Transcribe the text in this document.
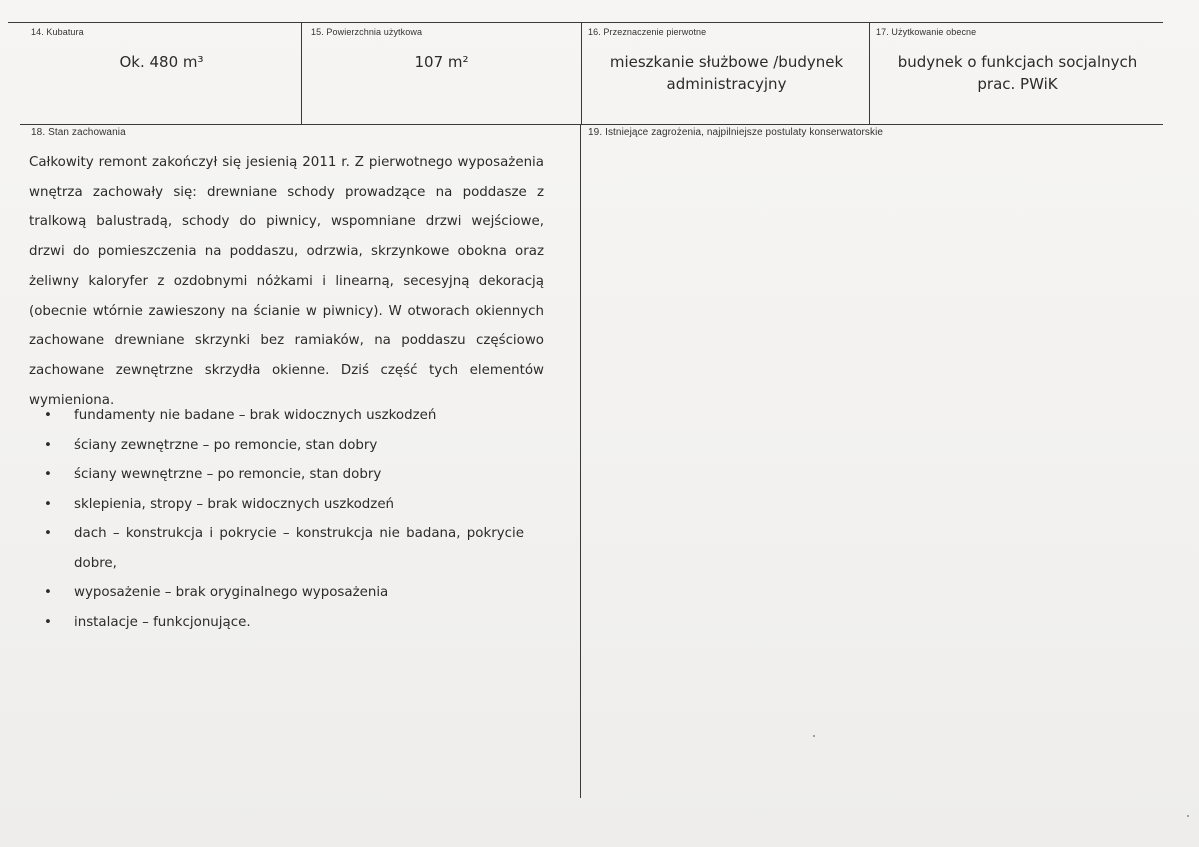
14. Kubatura
Ok. 480 m³
15. Powierzchnia użytkowa
107 m²
16. Przeznaczenie pierwotne
mieszkanie służbowe /budynek administracyjny
17. Użytkowanie obecne
budynek o funkcjach socjalnych prac. PWiK
18. Stan zachowania
Całkowity remont zakończył się jesienią 2011 r. Z pierwotnego wyposażenia wnętrza zachowały się: drewniane schody prowadzące na poddasze z tralkową balustradą, schody do piwnicy, wspomniane drzwi wejściowe, drzwi do pomieszczenia na poddaszu, odrzwia, skrzynkowe obokna oraz żeliwny kaloryfer z ozdobnymi nóżkami i linearną, secesyjną dekoracją (obecnie wtórnie zawieszony na ścianie w piwnicy). W otworach okiennych zachowane drewniane skrzynki bez ramiaków, na poddaszu częściowo zachowane zewnętrzne skrzydła okienne. Dziś część tych elementów wymieniona.
• fundamenty nie badane – brak widocznych uszkodzeń
• ściany zewnętrzne – po remoncie, stan dobry
• ściany wewnętrzne – po remoncie, stan dobry
• sklepienia, stropy – brak widocznych uszkodzeń
• dach – konstrukcja i pokrycie – konstrukcja nie badana, pokrycie dobre,
• wyposażenie – brak oryginalnego wyposażenia
• instalacje – funkcjonujące.
19. Istniejące zagrożenia, najpilniejsze postulaty konserwatorskie
